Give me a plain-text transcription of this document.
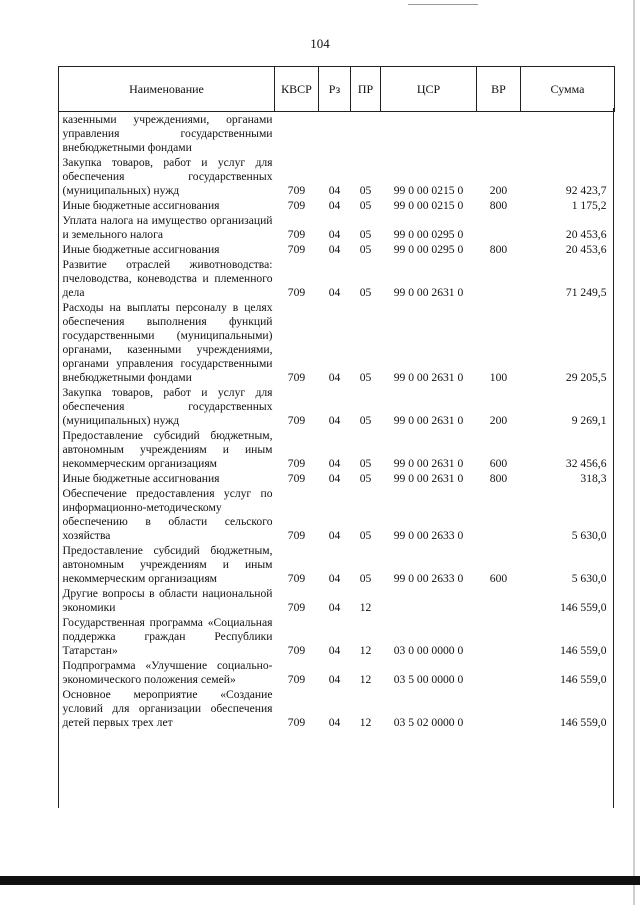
104
Наименование	КВСР	Рз	ПР	ЦСР	ВР	Сумма
казенными учреждениями, органами управления государственными внебюджетными фондами						
Закупка товаров, работ и услуг для обеспечения государственных (муниципальных) нужд	709	04	05	99 0 00 0215 0	200	92 423,7
Иные бюджетные ассигнования	709	04	05	99 0 00 0215 0	800	1 175,2
Уплата налога на имущество организаций и земельного налога	709	04	05	99 0 00 0295 0		20 453,6
Иные бюджетные ассигнования	709	04	05	99 0 00 0295 0	800	20 453,6
Развитие отраслей животноводства: пчеловодства, коневодства и племенного дела	709	04	05	99 0 00 2631 0		71 249,5
Расходы на выплаты персоналу в целях обеспечения выполнения функций государственными (муниципальными) органами, казенными учреждениями, органами управления государственными внебюджетными фондами	709	04	05	99 0 00 2631 0	100	29 205,5
Закупка товаров, работ и услуг для обеспечения государственных (муниципальных) нужд	709	04	05	99 0 00 2631 0	200	9 269,1
Предоставление субсидий бюджетным, автономным учреждениям и иным некоммерческим организациям	709	04	05	99 0 00 2631 0	600	32 456,6
Иные бюджетные ассигнования	709	04	05	99 0 00 2631 0	800	318,3
Обеспечение предоставления услуг по информационно-методическому обеспечению в области сельского хозяйства	709	04	05	99 0 00 2633 0		5 630,0
Предоставление субсидий бюджетным, автономным учреждениям и иным некоммерческим организациям	709	04	05	99 0 00 2633 0	600	5 630,0
Другие вопросы в области национальной экономики	709	04	12			146 559,0
Государственная программа «Социальная поддержка граждан Республики Татарстан»	709	04	12	03 0 00 0000 0		146 559,0
Подпрограмма «Улучшение социально-экономического положения семей»	709	04	12	03 5 00 0000 0		146 559,0
Основное мероприятие «Создание условий для организации обеспечения детей первых трех лет	709	04	12	03 5 02 0000 0		146 559,0
